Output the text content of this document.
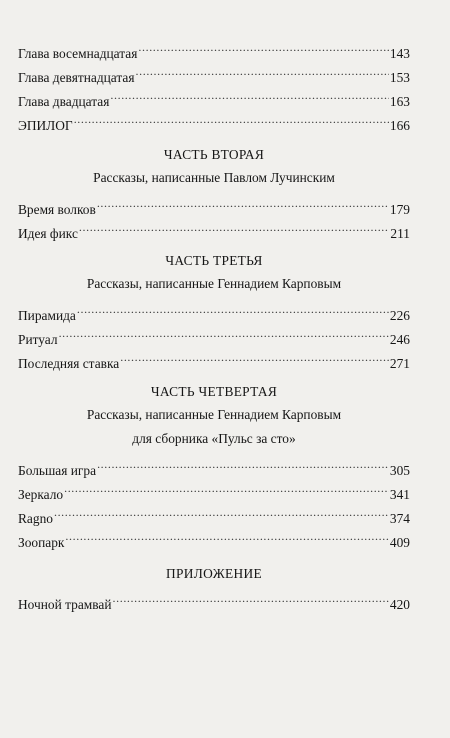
Глава восемнадцатая .....	143
Глава девятнадцатая .....	153
Глава двадцатая .....	163
ЭПИЛОГ .....	166
ЧАСТЬ ВТОРАЯ
Рассказы, написанные Павлом Лучинским
Время волков .....	179
Идея фикс .....	211
ЧАСТЬ ТРЕТЬЯ
Рассказы, написанные Геннадием Карповым
Пирамида .....	226
Ритуал .....	246
Последняя ставка .....	271
ЧАСТЬ ЧЕТВЕРТАЯ
Рассказы, написанные Геннадием Карповым
для сборника «Пульс за сто»
Большая игра .....	305
Зеркало .....	341
Ragno .....	374
Зоопарк .....	409
ПРИЛОЖЕНИЕ
Ночной трамвай .....	420
